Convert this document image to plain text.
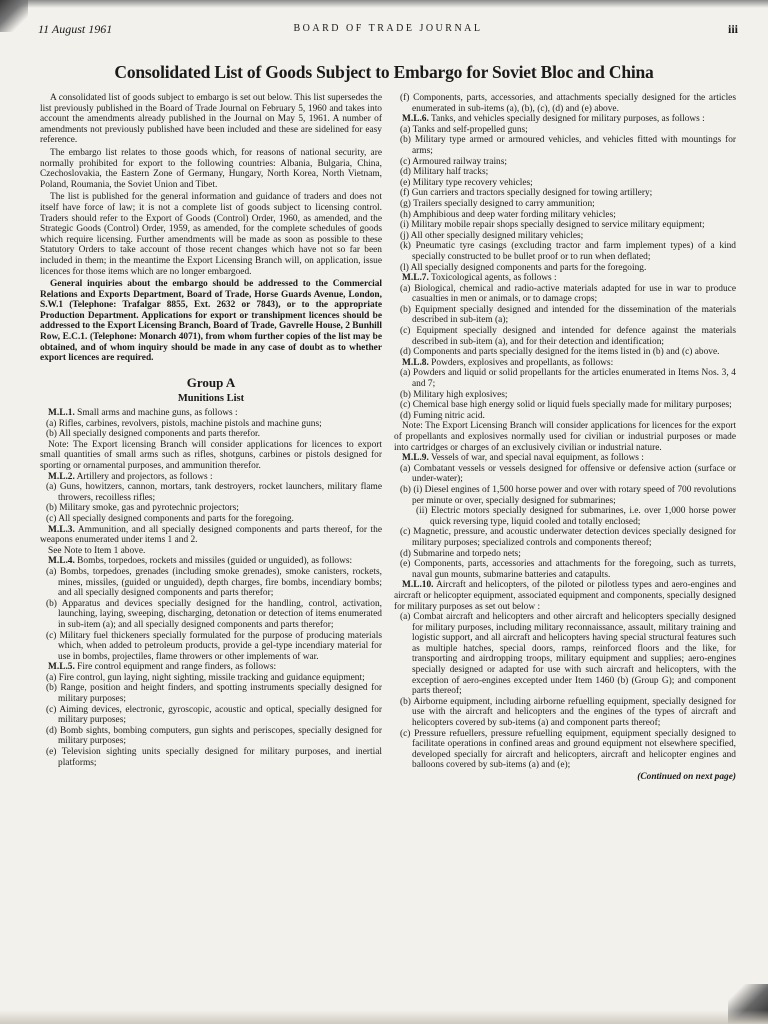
11 August 1961	BOARD OF TRADE JOURNAL	iii
Consolidated List of Goods Subject to Embargo for Soviet Bloc and China

A consolidated list of goods subject to embargo is set out below. This list supersedes the list previously published in the Board of Trade Journal on February 5, 1960 and takes into account the amendments already published in the Journal on May 5, 1961. A number of amendments not previously published have been included and these are sidelined for easy reference.

The embargo list relates to those goods which, for reasons of national security, are normally prohibited for export to the following countries: Albania, Bulgaria, China, Czechoslovakia, the Eastern Zone of Germany, Hungary, North Korea, North Vietnam, Poland, Roumania, the Soviet Union and Tibet.

The list is published for the general information and guidance of traders and does not itself have force of law; it is not a complete list of goods subject to licensing control. Traders should refer to the Export of Goods (Control) Order, 1960, as amended, and the Strategic Goods (Control) Order, 1959, as amended, for the complete schedules of goods which require licensing. Further amendments will be made as soon as possible to these Statutory Orders to take account of those recent changes which have not so far been included in them; in the meantime the Export Licensing Branch will, on application, issue licences for those items which are no longer embargoed.

General inquiries about the embargo should be addressed to the Commercial Relations and Exports Department, Board of Trade, Horse Guards Avenue, London, S.W.1 (Telephone: Trafalgar 8855, Ext. 2632 or 7843), or to the appropriate Production Department. Applications for export or transhipment licences should be addressed to the Export Licensing Branch, Board of Trade, Gavrelle House, 2 Bunhill Row, E.C.1. (Telephone: Monarch 4071), from whom further copies of the list may be obtained, and of whom inquiry should be made in any case of doubt as to whether export licences are required.

Group A

Munitions List

M.L.1. Small arms and machine guns, as follows :

(a) Rifles, carbines, revolvers, pistols, machine pistols and machine guns;

(b) All specially designed components and parts therefor.

Note: The Export licensing Branch will consider applications for licences to export small quantities of small arms such as rifles, shotguns, carbines or pistols designed for sporting or ornamental purposes, and ammunition therefor.

M.L.2. Artillery and projectors, as follows :

(a) Guns, howitzers, cannon, mortars, tank destroyers, rocket launchers, military flame throwers, recoilless rifles;

(b) Military smoke, gas and pyrotechnic projectors;

(c) All specially designed components and parts for the foregoing.

M.L.3. Ammunition, and all specially designed components and parts thereof, for the weapons enumerated under items 1 and 2.

See Note to Item 1 above.

M.L.4. Bombs, torpedoes, rockets and missiles (guided or unguided), as follows:

(a) Bombs, torpedoes, grenades (including smoke grenades), smoke canisters, rockets, mines, missiles, (guided or unguided), depth charges, fire bombs, incendiary bombs; and all specially designed components and parts therefor;

(b) Apparatus and devices specially designed for the handling, control, activation, launching, laying, sweeping, discharging, detonation or detection of items enumerated in sub-item (a); and all specially designed components and parts therefor;

(c) Military fuel thickeners specially formulated for the purpose of producing materials which, when added to petroleum products, provide a gel-type incendiary material for use in bombs, projectiles, flame throwers or other implements of war.

M.L.5. Fire control equipment and range finders, as follows:

(a) Fire control, gun laying, night sighting, missile tracking and guidance equipment;

(b) Range, position and height finders, and spotting instruments specially designed for military purposes;

(c) Aiming devices, electronic, gyroscopic, acoustic and optical, specially designed for military purposes;

(d) Bomb sights, bombing computers, gun sights and periscopes, specially designed for military purposes;

(e) Television sighting units specially designed for military purposes, and inertial platforms;

(f) Components, parts, accessories, and attachments specially designed for the articles enumerated in sub-items (a), (b), (c), (d) and (e) above.

M.L.6. Tanks, and vehicles specially designed for military purposes, as follows :

(a) Tanks and self-propelled guns;

(b) Military type armed or armoured vehicles, and vehicles fitted with mountings for arms;

(c) Armoured railway trains;

(d) Military half tracks;

(e) Military type recovery vehicles;

(f) Gun carriers and tractors specially designed for towing artillery;

(g) Trailers specially designed to carry ammunition;

(h) Amphibious and deep water fording military vehicles;

(i) Military mobile repair shops specially designed to service military equipment;

(j) All other specially designed military vehicles;

(k) Pneumatic tyre casings (excluding tractor and farm implement types) of a kind specially constructed to be bullet proof or to run when deflated;

(l) All specially designed components and parts for the foregoing.

M.L.7. Toxicological agents, as follows :

(a) Biological, chemical and radio-active materials adapted for use in war to produce casualties in men or animals, or to damage crops;

(b) Equipment specially designed and intended for the dissemination of the materials described in sub-item (a);

(c) Equipment specially designed and intended for defence against the materials described in sub-item (a), and for their detection and identification;

(d) Components and parts specially designed for the items listed in (b) and (c) above.

M.L.8. Powders, explosives and propellants, as follows:

(a) Powders and liquid or solid propellants for the articles enumerated in Items Nos. 3, 4 and 7;

(b) Military high explosives;

(c) Chemical base high energy solid or liquid fuels specially made for military purposes;

(d) Fuming nitric acid.

Note: The Export Licensing Branch will consider applications for licences for the export of propellants and explosives normally used for civilian or industrial purposes or made into cartridges or charges of an exclusively civilian or industrial nature.

M.L.9. Vessels of war, and special naval equipment, as follows :

(a) Combatant vessels or vessels designed for offensive or defensive action (surface or under-water);

(b) (i) Diesel engines of 1,500 horse power and over with rotary speed of 700 revolutions per minute or over, specially designed for submarines;

(ii) Electric motors specially designed for submarines, i.e. over 1,000 horse power quick reversing type, liquid cooled and totally enclosed;

(c) Magnetic, pressure, and acoustic underwater detection devices specially designed for military purposes; specialized controls and components thereof;

(d) Submarine and torpedo nets;

(e) Components, parts, accessories and attachments for the foregoing, such as turrets, naval gun mounts, submarine batteries and catapults.

M.L.10. Aircraft and helicopters, of the piloted or pilotless types and aero-engines and aircraft or helicopter equipment, associated equipment and components, specially designed for military purposes as set out below :

(a) Combat aircraft and helicopters and other aircraft and helicopters specially designed for military purposes, including military reconnaissance, assault, military training and logistic support, and all aircraft and helicopters having special structural features such as multiple hatches, special doors, ramps, reinforced floors and the like, for transporting and airdropping troops, military equipment and supplies; aero-engines specially designed or adapted for use with such aircraft and helicopters, with the exception of aero-engines excepted under Item 1460 (b) (Group G); and component parts thereof;

(b) Airborne equipment, including airborne refuelling equipment, specially designed for use with the aircraft and helicopters and the engines of the types of aircraft and helicopters covered by sub-items (a) and component parts thereof;

(c) Pressure refuellers, pressure refuelling equipment, equipment specially designed to facilitate operations in confined areas and ground equipment not elsewhere specified, developed specially for aircraft and helicopters, aircraft and helicopter engines and balloons covered by sub-items (a) and (e);

(Continued on next page)
